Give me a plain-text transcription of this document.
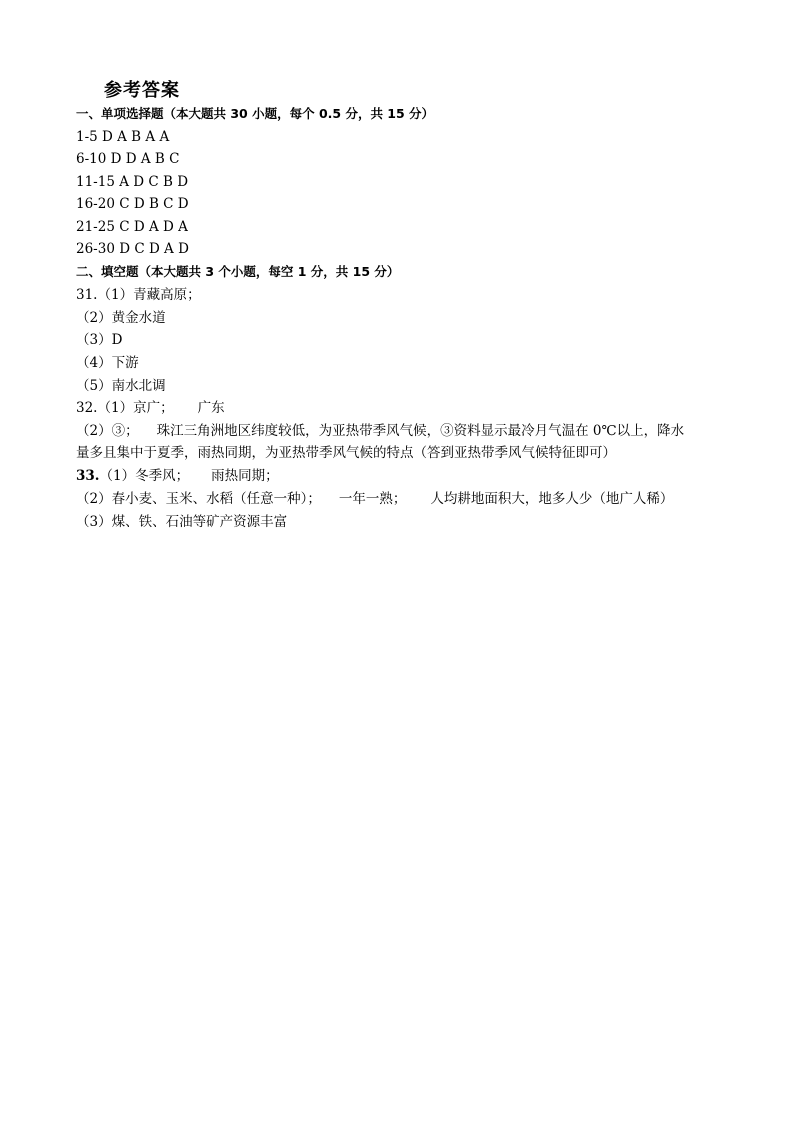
参考答案
一、单项选择题（本大题共 30 小题，每个 0.5 分，共 15 分）
1-5 D A B A A
6-10 D D A B C
11-15 A D C B D
16-20 C D B C D
21-25 C D A D A
26-30 D C D A D
二、填空题（本大题共 3 个小题，每空 1 分，共 15 分）
31.（1）青藏高原；
（2）黄金水道
（3）D
（4）下游
（5）南水北调
32.（1）京广； 广东
（2）③； 珠江三角洲地区纬度较低，为亚热带季风气候，③资料显示最冷月气温在 0℃以上，降水
量多且集中于夏季，雨热同期，为亚热带季风气候的特点（答到亚热带季风气候特征即可）
33.（1）冬季风； 雨热同期；
（2）春小麦、玉米、水稻（任意一种）； 一年一熟； 人均耕地面积大，地多人少（地广人稀）
（3）煤、铁、石油等矿产资源丰富
